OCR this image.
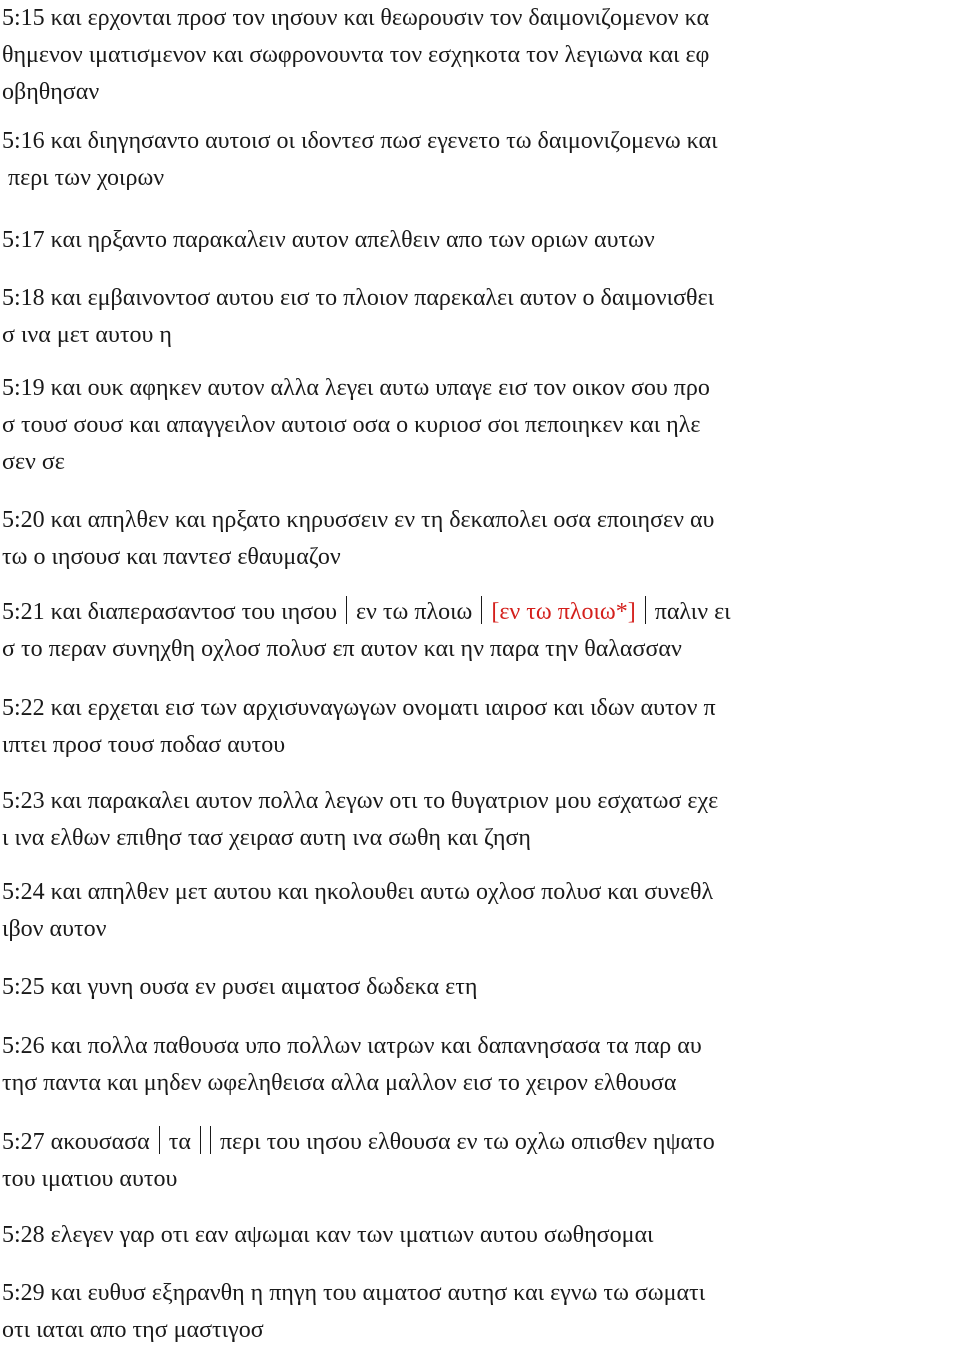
5:15 και ερχονται προσ τον ιησουν και θεωρουσιν τον δαιμονιζομενον κα
θημενον ιματισμενον και σωφρονουντα τον εσχηκοτα τον λεγιωνα και εφ
οβηθησαν
5:16 και διηγησαντο αυτοισ οι ιδοντεσ πωσ εγενετο τω δαιμονιζομενω και
περι των χοιρων
5:17 και ηρξαντο παρακαλειν αυτον απελθειν απο των οριων αυτων
5:18 και εμβαινοντοσ αυτου εισ το πλοιον παρεκαλει αυτον ο δαιμονισθει
σ ινα μετ αυτου η
5:19 και ουκ αφηκεν αυτον αλλα λεγει αυτω υπαγε εισ τον οικον σου προ
σ τουσ σουσ και απαγγειλον αυτοισ οσα ο κυριοσ σοι πεποιηκεν και ηλε
σεν σε
5:20 και απηλθεν και ηρξατο κηρυσσειν εν τη δεκαπολει οσα εποιησεν αυ
τω ο ιησουσ και παντεσ εθαυμαζον
5:21 και διαπερασαντοσ του ιησου εν τω πλοιω [εν τω πλοιω*] παλιν ει
σ το περαν συνηχθη οχλοσ πολυσ επ αυτον και ην παρα την θαλασσαν
5:22 και ερχεται εισ των αρχισυναγωγων ονοματι ιαιροσ και ιδων αυτον π
ιπτει προσ τουσ ποδασ αυτου
5:23 και παρακαλει αυτον πολλα λεγων οτι το θυγατριον μου εσχατωσ εχε
ι ινα ελθων επιθησ τασ χειρασ αυτη ινα σωθη και ζηση
5:24 και απηλθεν μετ αυτου και ηκολουθει αυτω οχλοσ πολυσ και συνεθλ
ιβον αυτον
5:25 και γυνη ουσα εν ρυσει αιματοσ δωδεκα ετη
5:26 και πολλα παθουσα υπο πολλων ιατρων και δαπανησασα τα παρ αυ
τησ παντα και μηδεν ωφεληθεισα αλλα μαλλον εισ το χειρον ελθουσα
5:27 ακουσασα τα περι του ιησου ελθουσα εν τω οχλω οπισθεν ηψατο
του ιματιου αυτου
5:28 ελεγεν γαρ οτι εαν αψωμαι καν των ιματιων αυτου σωθησομαι
5:29 και ευθυσ εξηρανθη η πηγη του αιματοσ αυτησ και εγνω τω σωματι
οτι ιαται απο τησ μαστιγοσ
